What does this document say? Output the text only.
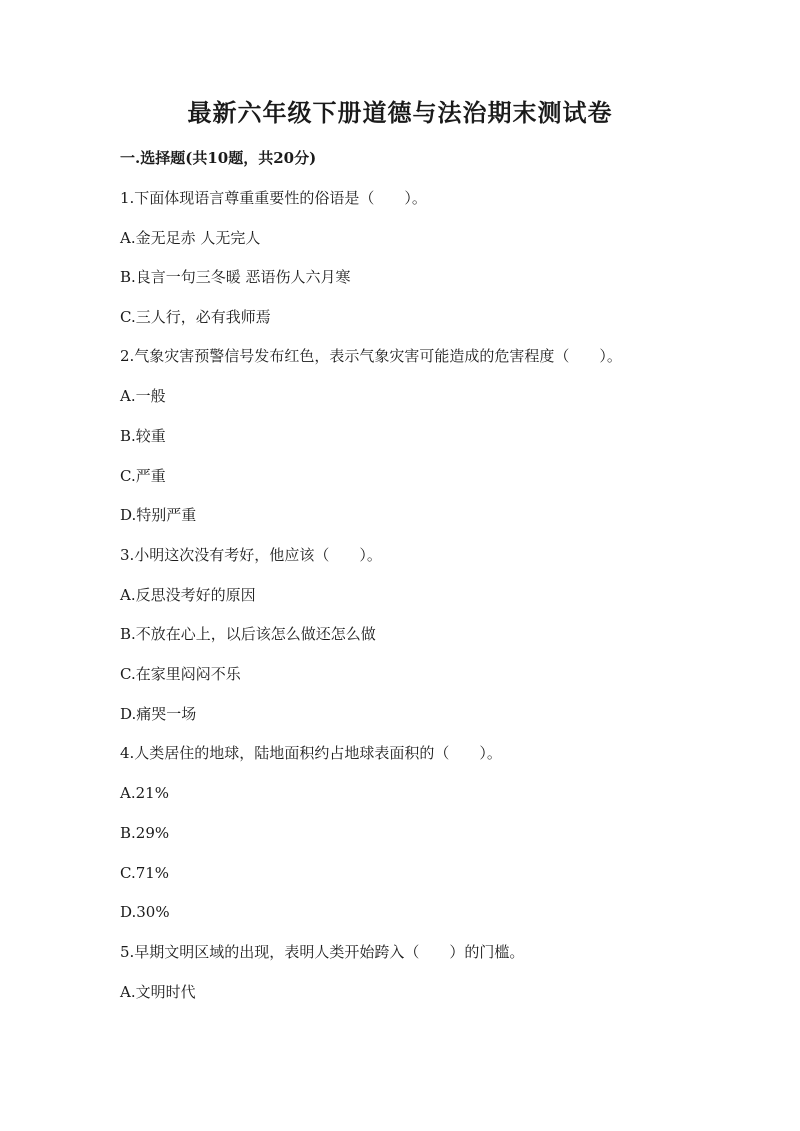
最新六年级下册道德与法治期末测试卷
一.选择题(共10题，共20分)
1.下面体现语言尊重重要性的俗语是（　　）。
A.金无足赤 人无完人
B.良言一句三冬暖 恶语伤人六月寒
C.三人行，必有我师焉
2.气象灾害预警信号发布红色，表示气象灾害可能造成的危害程度（　　）。
A.一般
B.较重
C.严重
D.特别严重
3.小明这次没有考好，他应该（　　）。
A.反思没考好的原因
B.不放在心上，以后该怎么做还怎么做
C.在家里闷闷不乐
D.痛哭一场
4.人类居住的地球，陆地面积约占地球表面积的（　　）。
A.21%
B.29%
C.71%
D.30%
5.早期文明区域的出现，表明人类开始跨入（　　）的门槛。
A.文明时代
